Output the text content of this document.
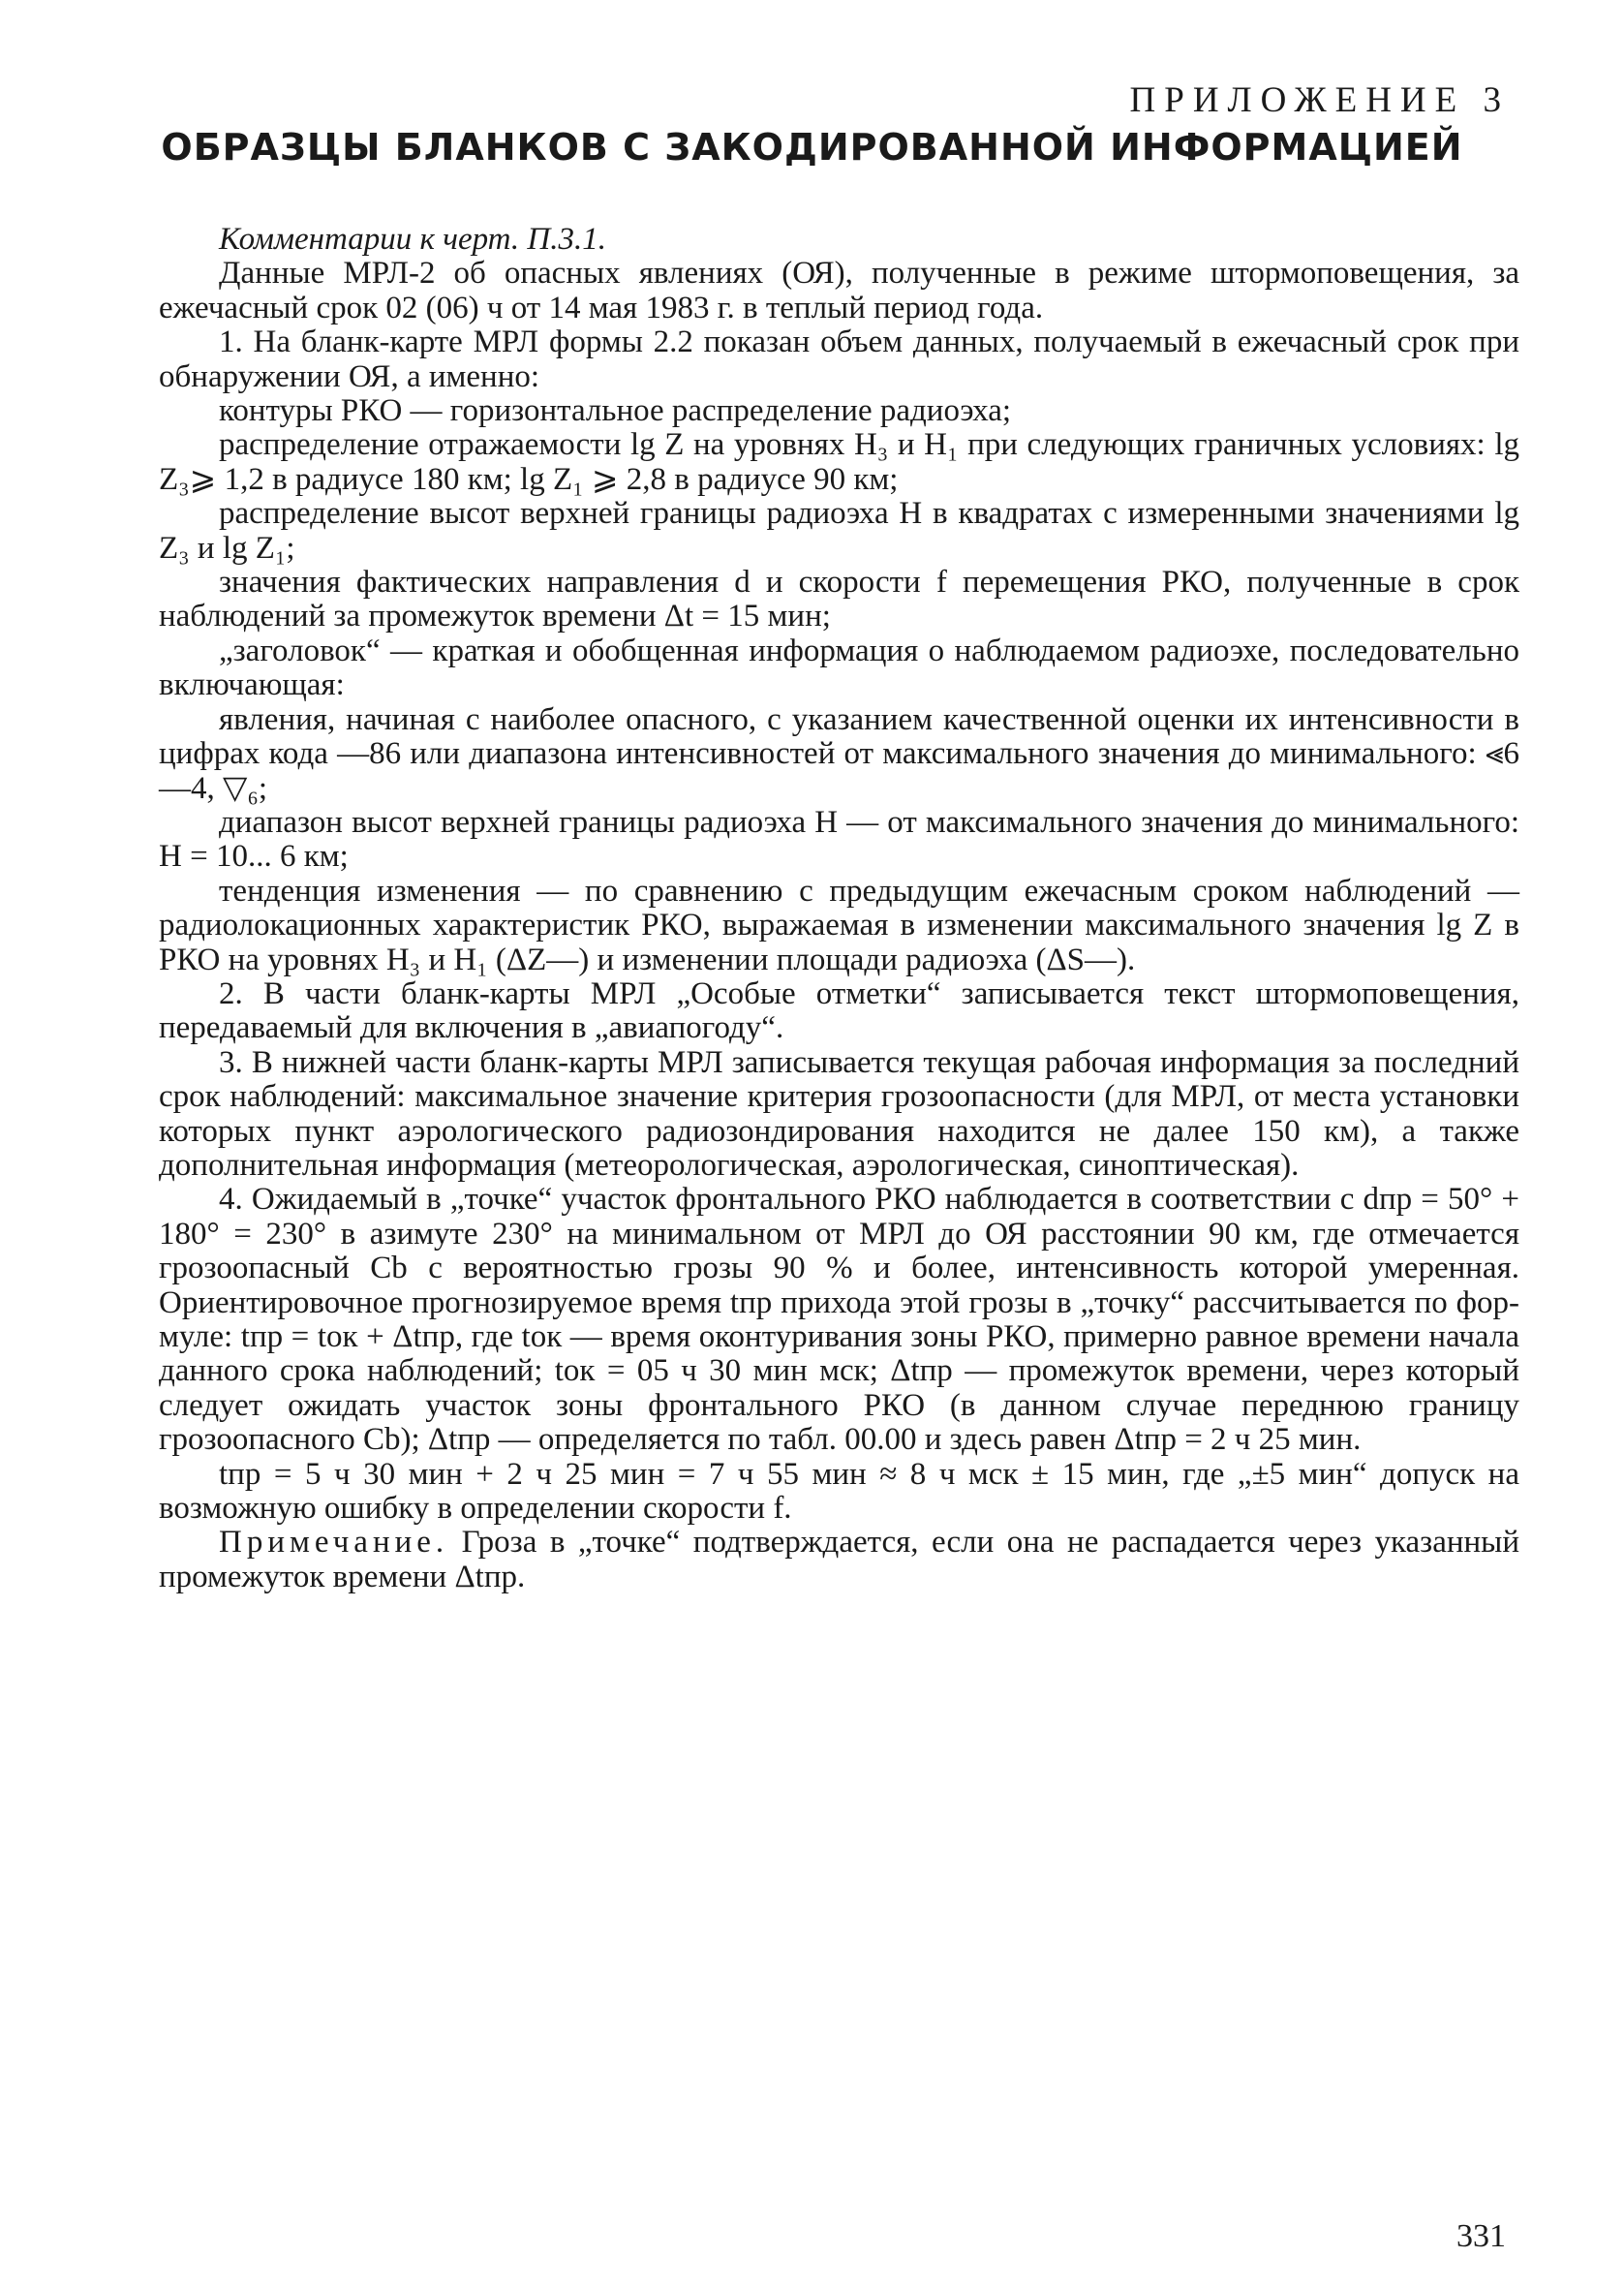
ПРИЛОЖЕНИЕ 3
ОБРАЗЦЫ БЛАНКОВ С ЗАКОДИРОВАННОЙ ИНФОРМАЦИЕЙ

Комментарии к черт. П.3.1.

Данные МРЛ-2 об опасных явлениях (ОЯ), полученные в режиме штормоповещения, за ежечасный срок 02 (06) ч от 14 мая 1983 г. в теплый период года.

1. На бланк-карте МРЛ формы 2.2 показан объем данных, получаемый в ежечасный срок при обнаружении ОЯ, а именно:

контуры РКО — горизонтальное распределение радиоэха;

распределение отражаемости lg Z на уровнях H₃ и H₁ при следующих граничных условиях: lg Z₃⩾ 1,2 в радиусе 180 км; lg Z₁ ⩾ 2,8 в радиусе 90 км;

распределение высот верхней границы радиоэха H в квадратах с измеренными значениями lg Z₃ и lg Z₁;

значения фактических направления d и скорости f перемещения РКО, полученные в срок наблюдений за промежуток времени Δt = 15 мин;

„заголовок“ — краткая и обобщенная информация о наблюдаемом радиоэхе, последовательно включающая:

явления, начиная с наиболее опасного, с указанием качественной оценки их интенсивности в цифрах кода —86 или диапазона интенсивностей от максимального значения до минимального: ⪡6—4, ▽₆;

диапазон высот верхней границы радиоэха H — от максимального значения до минимального: H = 10... 6 км;

тенденция изменения — по сравнению с предыдущим ежечасным сроком наблюдений — радиолокационных характеристик РКО, выражаемая в изменении максимального значения lg Z в РКО на уровнях H₃ и H₁ (ΔZ—) и изменении площади радиоэха (ΔS—).

2. В части бланк-карты МРЛ „Особые отметки“ записывается текст штормоповещения, передаваемый для включения в „авиапогоду“.

3. В нижней части бланк-карты МРЛ записывается текущая рабочая информация за последний срок наблюдений: максимальное значение критерия грозоопасности (для МРЛ, от места установки которых пункт аэрологического радиозондирования находится не далее 150 км), а также дополнительная информация (метеорологическая, аэрологическая, синоптическая).

4. Ожидаемый в „точке“ участок фронтального РКО наблюдается в соответствии с dпр = 50° + 180° = 230° в азимуте 230° на минимальном от МРЛ до ОЯ расстоянии 90 км, где отмечается грозоопасный Cb с вероятностью грозы 90 % и более, интенсивность которой умеренная. Ориентировочное прогнозируемое время tпр прихода этой грозы в „точку“ рассчитывается по формуле: tпр = tок + Δtпр, где tок — время оконтуривания зоны РКО, примерно равное времени начала данного срока наблюдений; tок = 05 ч 30 мин мск; Δtпр — промежуток времени, через который следует ожидать участок зоны фронтального РКО (в данном случае переднюю границу грозоопасного Cb); Δtпр — определяется по табл. 00.00 и здесь равен Δtпр = 2 ч 25 мин.

tпр = 5 ч 30 мин + 2 ч 25 мин = 7 ч 55 мин ≈ 8 ч мск ± 15 мин, где „±5 мин“ допуск на возможную ошибку в определении скорости f.

Примечание. Гроза в „точке“ подтверждается, если она не распадается через указанный промежуток времени Δtпр.

331
